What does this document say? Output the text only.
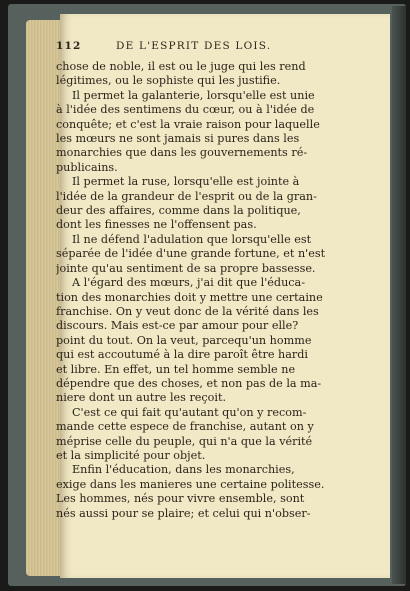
112	DE L'ESPRIT DES LOIS.

chose de noble, il est ou le juge qui les rend
légitimes, ou le sophiste qui les justifie.

Il permet la galanterie, lorsqu'elle est unie
à l'idée des sentimens du cœur, ou à l'idée de
conquête; et c'est la vraie raison pour laquelle
les mœurs ne sont jamais si pures dans les
monarchies que dans les gouvernements ré-
publicains.

Il permet la ruse, lorsqu'elle est jointe à
l'idée de la grandeur de l'esprit ou de la gran-
deur des affaires, comme dans la politique,
dont les finesses ne l'offensent pas.

Il ne défend l'adulation que lorsqu'elle est
séparée de l'idée d'une grande fortune, et n'est
jointe qu'au sentiment de sa propre bassesse.

A l'égard des mœurs, j'ai dit que l'éduca-
tion des monarchies doit y mettre une certaine
franchise. On y veut donc de la vérité dans les
discours. Mais est-ce par amour pour elle?
point du tout. On la veut, parcequ'un homme
qui est accoutumé à la dire paroît être hardi
et libre. En effet, un tel homme semble ne
dépendre que des choses, et non pas de la ma-
niere dont un autre les reçoit.

C'est ce qui fait qu'autant qu'on y recom-
mande cette espece de franchise, autant on y
méprise celle du peuple, qui n'a que la vérité
et la simplicité pour objet.

Enfin l'éducation, dans les monarchies,
exige dans les manieres une certaine politesse.
Les hommes, nés pour vivre ensemble, sont
nés aussi pour se plaire; et celui qui n'obser-
